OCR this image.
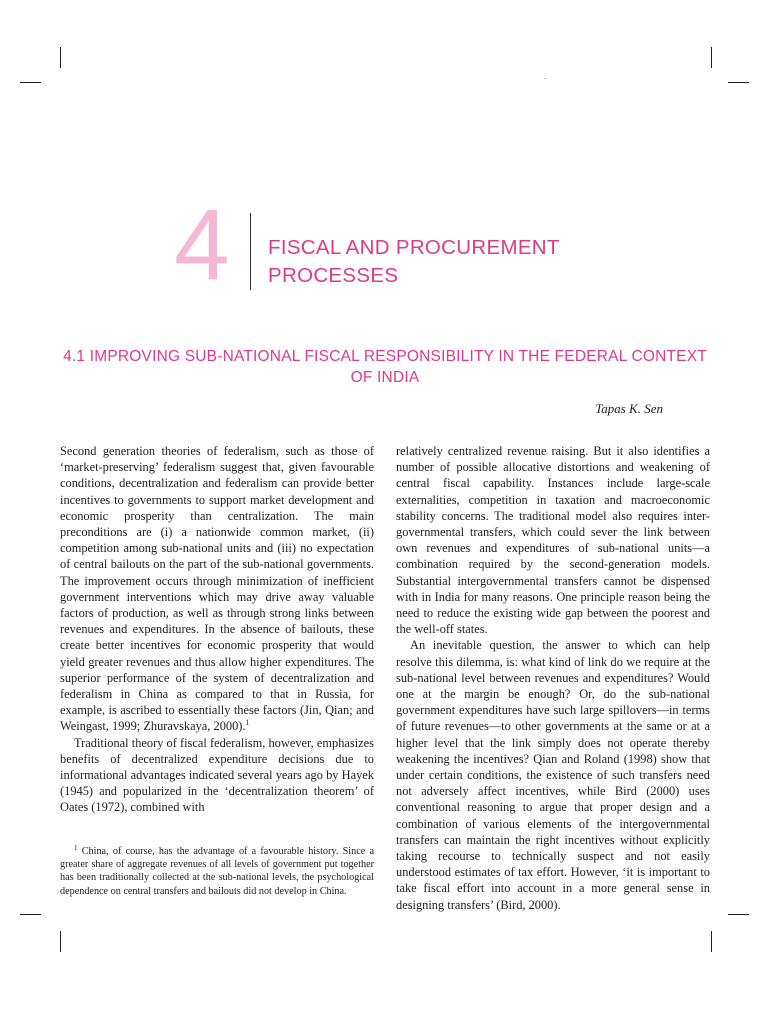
4 FISCAL AND PROCUREMENT PROCESSES
4.1 IMPROVING SUB-NATIONAL FISCAL RESPONSIBILITY IN THE FEDERAL CONTEXT OF INDIA
Tapas K. Sen

Second generation theories of federalism, such as those of ‘market-preserving’ federalism suggest that, given favourable conditions, decentralization and federalism can provide better incentives to governments to support market development and economic prosperity than centralization. The main preconditions are (i) a nationwide common market, (ii) competition among sub-national units and (iii) no expectation of central bailouts on the part of the sub-national governments. The improvement occurs through minimization of inefficient government interventions which may drive away valuable factors of production, as well as through strong links between revenues and expenditures. In the absence of bailouts, these create better incentives for economic prosperity that would yield greater revenues and thus allow higher expenditures. The superior performance of the system of decentralization and federalism in China as compared to that in Russia, for example, is ascribed to essentially these factors (Jin, Qian; and Weingast, 1999; Zhuravskaya, 2000).$^1$

Traditional theory of fiscal federalism, however, emphasizes benefits of decentralized expenditure decisions due to informational advantages indicated several years ago by Hayek (1945) and popularized in the ‘decentralization theorem’ of Oates (1972), combined with

relatively centralized revenue raising. But it also identifies a number of possible allocative distortions and weakening of central fiscal capability. Instances include large-scale externalities, competition in taxation and macroeconomic stability concerns. The traditional model also requires inter-governmental transfers, which could sever the link between own revenues and expenditures of sub-national units—a combination required by the second-generation models. Substantial intergovernmental transfers cannot be dispensed with in India for many reasons. One principle reason being the need to reduce the existing wide gap between the poorest and the well-off states.

An inevitable question, the answer to which can help resolve this dilemma, is: what kind of link do we require at the sub-national level between revenues and expenditures? Would one at the margin be enough? Or, do the sub-national government expenditures have such large spillovers—in terms of future revenues—to other governments at the same or at a higher level that the link simply does not operate thereby weakening the incentives? Qian and Roland (1998) show that under certain conditions, the existence of such transfers need not adversely affect incentives, while Bird (2000) uses conventional reasoning to argue that proper design and a combination of various elements of the intergovernmental transfers can maintain the right incentives without explicitly taking recourse to technically suspect and not easily understood estimates of tax effort. However, ‘it is important to take fiscal effort into account in a more general sense in designing transfers’ (Bird, 2000).

$^1$ China, of course, has the advantage of a favourable history. Since a greater share of aggregate revenues of all levels of government put together has been traditionally collected at the sub-national levels, the psychological dependence on central transfers and bailouts did not develop in China.
